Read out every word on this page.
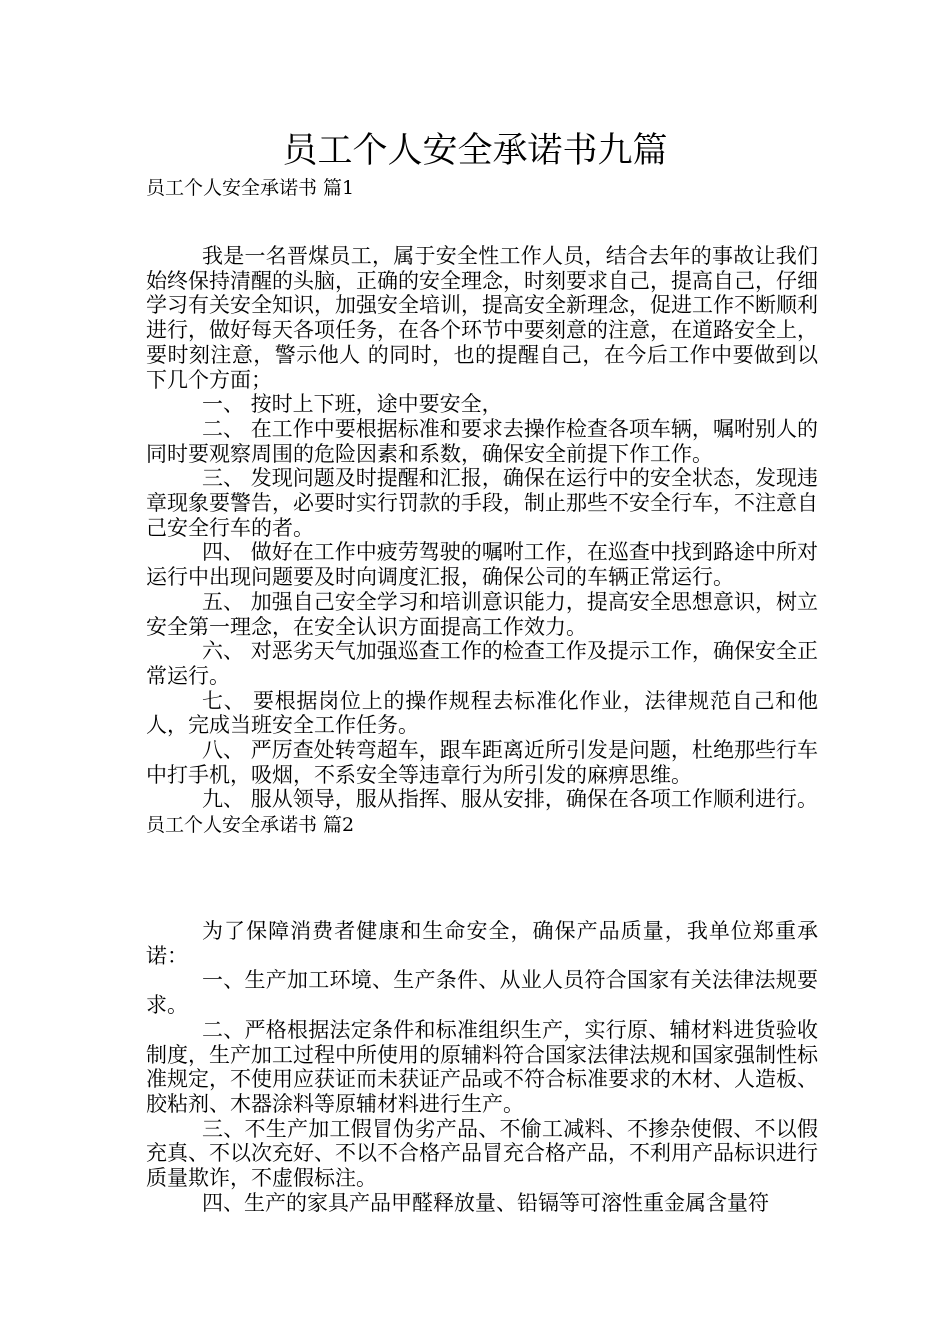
员工个人安全承诺书九篇
员工个人安全承诺书 篇1

我是一名晋煤员工，属于安全性工作人员，结合去年的事故让我们始终保持清醒的头脑，正确的安全理念，时刻要求自己，提高自己，仔细学习有关安全知识，加强安全培训，提高安全新理念，促进工作不断顺利进行，做好每天各项任务，在各个环节中要刻意的注意，在道路安全上，要时刻注意，警示他人 的同时，也的提醒自己，在今后工作中要做到以下几个方面；

一、 按时上下班，途中要安全，

二、 在工作中要根据标准和要求去操作检查各项车辆，嘱咐别人的同时要观察周围的危险因素和系数，确保安全前提下作工作。

三、 发现问题及时提醒和汇报，确保在运行中的安全状态，发现违章现象要警告，必要时实行罚款的手段，制止那些不安全行车，不注意自己安全行车的者。

四、 做好在工作中疲劳驾驶的嘱咐工作，在巡查中找到路途中所对运行中出现问题要及时向调度汇报，确保公司的车辆正常运行。

五、 加强自己安全学习和培训意识能力，提高安全思想意识，树立安全第一理念，在安全认识方面提高工作效力。

六、 对恶劣天气加强巡查工作的检查工作及提示工作，确保安全正常运行。

七、 要根据岗位上的操作规程去标准化作业，法律规范自己和他人，完成当班安全工作任务。

八、 严厉查处转弯超车，跟车距离近所引发是问题，杜绝那些行车中打手机，吸烟，不系安全等违章行为所引发的麻痹思维。

九、 服从领导，服从指挥、服从安排，确保在各项工作顺利进行。员工个人安全承诺书 篇2

为了保障消费者健康和生命安全，确保产品质量，我单位郑重承诺：

一、生产加工环境、生产条件、从业人员符合国家有关法律法规要求。

二、严格根据法定条件和标准组织生产，实行原、辅材料进货验收制度，生产加工过程中所使用的原辅料符合国家法律法规和国家强制性标准规定，不使用应获证而未获证产品或不符合标准要求的木材、人造板、胶粘剂、木器涂料等原辅材料进行生产。

三、不生产加工假冒伪劣产品、不偷工减料、不掺杂使假、不以假充真、不以次充好、不以不合格产品冒充合格产品，不利用产品标识进行质量欺诈，不虚假标注。

四、生产的家具产品甲醛释放量、铅镉等可溶性重金属含量符
